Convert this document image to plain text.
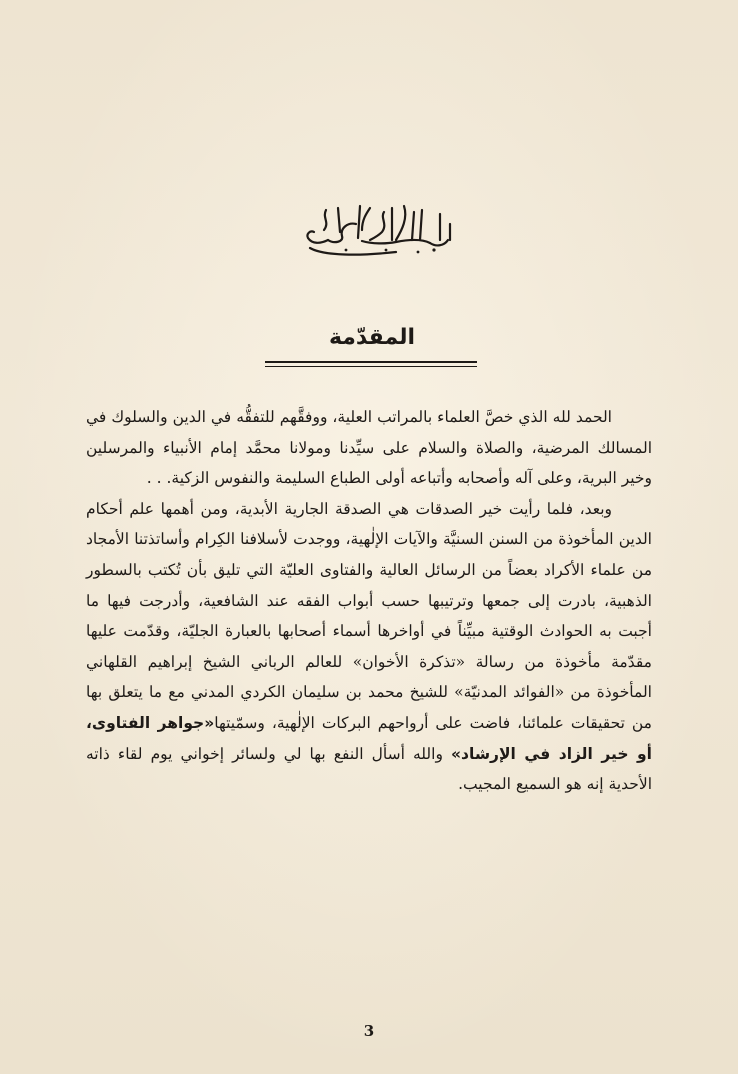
المقدّمة

الحمد لله الذي خصَّ العلماء بالمراتب العلية، ووفقَّهم للتفقُّه في الدين والسلوك في المسالك المرضية، والصلاة والسلام على سيِّدنا ومولانا محمَّد إمام الأنبياء والمرسلين وخير البرية، وعلى آله وأصحابه وأتباعه أولى الطباع السليمة والنفوس الزكية. . .

وبعد، فلما رأيت خير الصدقات هي الصدقة الجارية الأبدية، ومن أهمها علم أحكام الدين المأخوذة من السنن السنيَّة والآيات الإلٰهية، ووجدت لأسلافنا الكِرام وأساتذتنا الأمجاد من علماء الأكراد بعضاً من الرسائل العالية والفتاوى العليّة التي تليق بأن تُكتب بالسطور الذهبية، بادرت إلى جمعها وترتيبها حسب أبواب الفقه عند الشافعية، وأدرجت فيها ما أجبت به الحوادث الوقتية مبيِّناً في أواخرها أسماء أصحابها بالعبارة الجليّة، وقدّمت عليها مقدّمة مأخوذة من رسالة «تذكرة الأخوان» للعالم الرباني الشيخ إبراهيم القلهاني المأخوذة من «الفوائد المدنيّة» للشيخ محمد بن سليمان الكردي المدني مع ما يتعلق بها من تحقيقات علمائنا، فاضت على أرواحهم البركات الإلٰهية، وسمّيتها«جواهر الفتاوى، أو خير الزاد في الإرشاد» والله أسأل النفع بها لي ولسائر إخواني يوم لقاء ذاته الأحدية إنه هو السميع المجيب.

3
